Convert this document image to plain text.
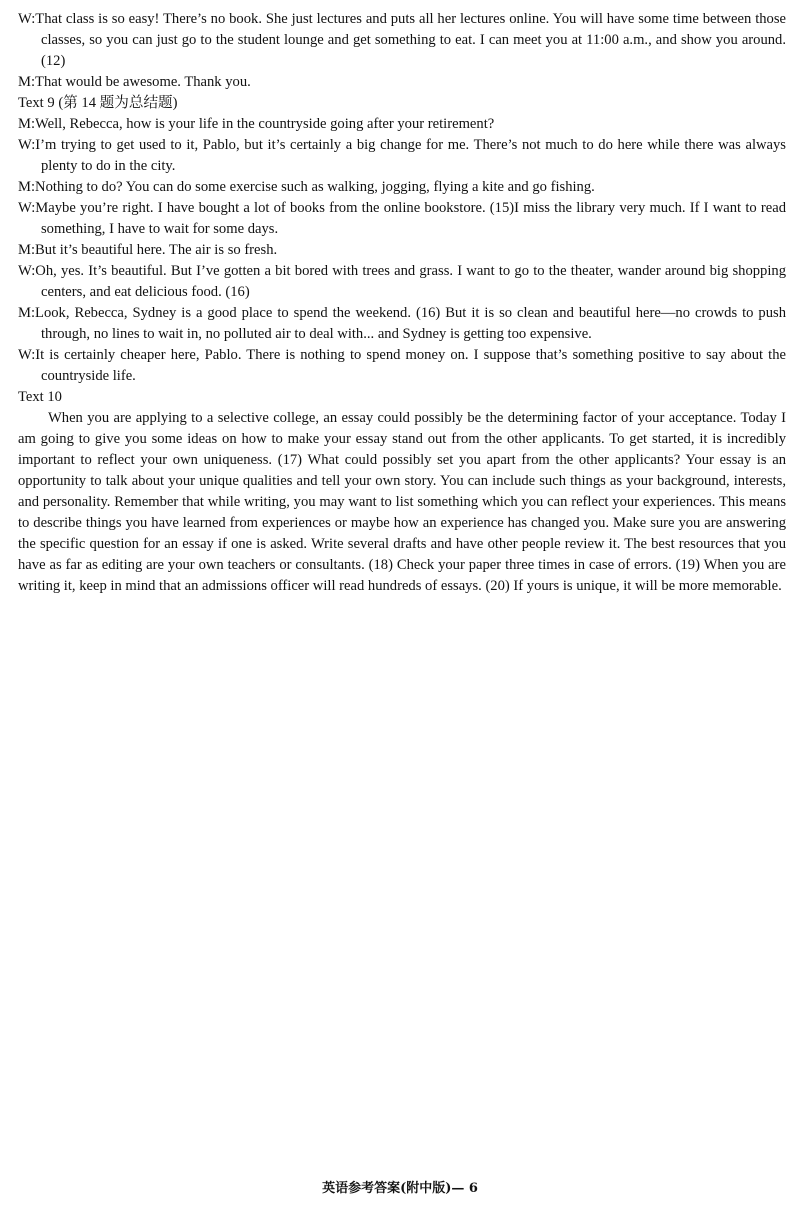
W:That class is so easy! There’s no book. She just lectures and puts all her lectures online. You will have some time between those classes, so you can just go to the student lounge and get something to eat. I can meet you at 11:00 a.m., and show you around. (12)

M:That would be awesome. Thank you.

Text 9 (第 14 题为总结题)

M:Well, Rebecca, how is your life in the countryside going after your retirement?

W:I’m trying to get used to it, Pablo, but it’s certainly a big change for me. There’s not much to do here while there was always plenty to do in the city.

M:Nothing to do? You can do some exercise such as walking, jogging, flying a kite and go fishing.

W:Maybe you’re right. I have bought a lot of books from the online bookstore. (15)I miss the library very much. If I want to read something, I have to wait for some days.

M:But it’s beautiful here. The air is so fresh.

W:Oh, yes. It’s beautiful. But I’ve gotten a bit bored with trees and grass. I want to go to the theater, wander around big shopping centers, and eat delicious food. (16)

M:Look, Rebecca, Sydney is a good place to spend the weekend. (16) But it is so clean and beautiful here—no crowds to push through, no lines to wait in, no polluted air to deal with... and Sydney is getting too expensive.

W:It is certainly cheaper here, Pablo. There is nothing to spend money on. I suppose that’s something positive to say about the countryside life.

Text 10

When you are applying to a selective college, an essay could possibly be the determining factor of your acceptance. Today I am going to give you some ideas on how to make your essay stand out from the other applicants. To get started, it is incredibly important to reflect your own uniqueness. (17) What could possibly set you apart from the other applicants? Your essay is an opportunity to talk about your unique qualities and tell your own story. You can include such things as your background, interests, and personality. Remember that while writing, you may want to list something which you can reflect your experiences. This means to describe things you have learned from experiences or maybe how an experience has changed you. Make sure you are answering the specific question for an essay if one is asked. Write several drafts and have other people review it. The best resources that you have as far as editing are your own teachers or consultants. (18) Check your paper three times in case of errors. (19) When you are writing it, keep in mind that an admissions officer will read hundreds of essays. (20) If yours is unique, it will be more memorable.

英语参考答案(附中版)— 6
